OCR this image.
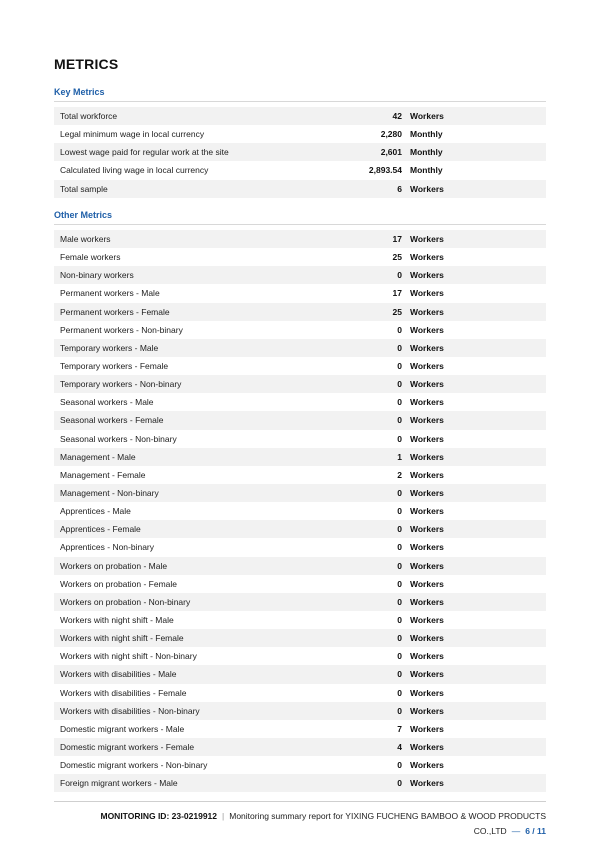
METRICS
Key Metrics
Total workforce	42 Workers
Legal minimum wage in local currency	2,280 Monthly
Lowest wage paid for regular work at the site	2,601 Monthly
Calculated living wage in local currency	2,893.54 Monthly
Total sample	6 Workers
Other Metrics
Male workers	17 Workers
Female workers	25 Workers
Non-binary workers	0 Workers
Permanent workers - Male	17 Workers
Permanent workers - Female	25 Workers
Permanent workers - Non-binary	0 Workers
Temporary workers - Male	0 Workers
Temporary workers - Female	0 Workers
Temporary workers - Non-binary	0 Workers
Seasonal workers - Male	0 Workers
Seasonal workers - Female	0 Workers
Seasonal workers - Non-binary	0 Workers
Management - Male	1 Workers
Management - Female	2 Workers
Management - Non-binary	0 Workers
Apprentices - Male	0 Workers
Apprentices - Female	0 Workers
Apprentices - Non-binary	0 Workers
Workers on probation - Male	0 Workers
Workers on probation - Female	0 Workers
Workers on probation - Non-binary	0 Workers
Workers with night shift - Male	0 Workers
Workers with night shift - Female	0 Workers
Workers with night shift - Non-binary	0 Workers
Workers with disabilities - Male	0 Workers
Workers with disabilities - Female	0 Workers
Workers with disabilities - Non-binary	0 Workers
Domestic migrant workers - Male	7 Workers
Domestic migrant workers - Female	4 Workers
Domestic migrant workers - Non-binary	0 Workers
Foreign migrant workers - Male	0 Workers
MONITORING ID: 23-0219912 | Monitoring summary report for YIXING FUCHENG BAMBOO & WOOD PRODUCTS
CO.,LTD — 6 / 11
